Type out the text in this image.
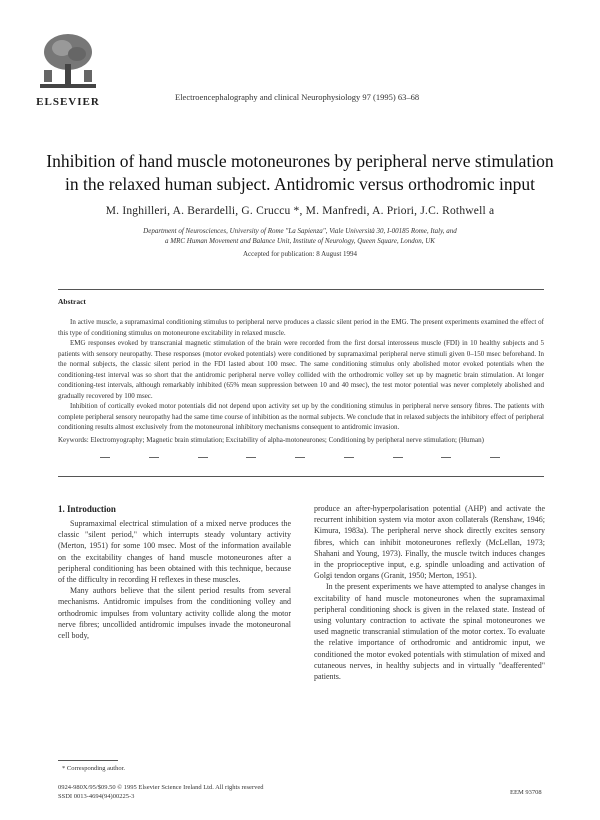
ELSEVIER	Electroencephalography and clinical Neurophysiology 97 (1995) 63–68
Inhibition of hand muscle motoneurones by peripheral nerve stimulation in the relaxed human subject. Antidromic versus orthodromic input
M. Inghilleri, A. Berardelli, G. Cruccu *, M. Manfredi, A. Priori, J.C. Rothwell a
Department of Neurosciences, University of Rome "La Sapienza", Viale Università 30, I-00185 Rome, Italy, and
a MRC Human Movement and Balance Unit, Institute of Neurology, Queen Square, London, UK
Accepted for publication: 8 August 1994
Abstract

In active muscle, a supramaximal conditioning stimulus to peripheral nerve produces a classic silent period in the EMG. The present experiments examined the effect of this type of conditioning stimulus on motoneurone excitability in relaxed muscle.

EMG responses evoked by transcranial magnetic stimulation of the brain were recorded from the first dorsal interosseus muscle (FDI) in 10 healthy subjects and 5 patients with sensory neuropathy. These responses (motor evoked potentials) were conditioned by supramaximal peripheral nerve stimuli given 0–150 msec beforehand. In the normal subjects, the classic silent period in the FDI lasted about 100 msec. The same conditioning stimulus only abolished motor evoked potentials when the conditioning-test interval was so short that the antidromic peripheral nerve volley collided with the orthodromic volley set up by magnetic brain stimulation. At longer conditioning-test intervals, although remarkably inhibited (65% mean suppression between 10 and 40 msec), the test motor potential was never completely abolished and gradually recovered by 100 msec.

Inhibition of cortically evoked motor potentials did not depend upon activity set up by the conditioning stimulus in peripheral nerve sensory fibres. The patients with complete peripheral sensory neuropathy had the same time course of inhibition as the normal subjects. We conclude that in relaxed subjects the inhibitory effect of peripheral conditioning results almost exclusively from the motoneuronal inhibitory mechanisms consequent to antidromic invasion.

Keywords: Electromyography; Magnetic brain stimulation; Excitability of alpha-motoneurones; Conditioning by peripheral nerve stimulation; (Human)
1. Introduction

Supramaximal electrical stimulation of a mixed nerve produces the classic "silent period," which interrupts steady voluntary activity (Merton, 1951) for some 100 msec. Most of the information available on the excitability changes of hand muscle motoneurones after a peripheral conditioning has been obtained with this technique, because of the difficulty in recording H reflexes in these muscles.

Many authors believe that the silent period results from several mechanisms. Antidromic impulses from the conditioning volley and orthodromic impulses from voluntary activity collide along the motor nerve fibres; uncollided antidromic impulses invade the motoneuronal cell body,

produce an after-hyperpolarisation potential (AHP) and activate the recurrent inhibition system via motor axon collaterals (Renshaw, 1946; Kimura, 1983a). The peripheral nerve shock directly excites sensory fibres, which can inhibit motoneurones reflexly (McLellan, 1973; Shahani and Young, 1973). Finally, the muscle twitch induces changes in the proprioceptive input, e.g. spindle unloading and activation of Golgi tendon organs (Granit, 1950; Merton, 1951).

In the present experiments we have attempted to analyse changes in excitability of hand muscle motoneurones when the supramaximal peripheral conditioning shock is given in the relaxed state. Instead of using voluntary contraction to activate the spinal motoneurones we used magnetic transcranial stimulation of the motor cortex. To evaluate the relative importance of orthodromic and antidromic input, we conditioned the motor evoked potentials with stimulation of mixed and cutaneous nerves, in healthy subjects and in virtually "deafferented" patients.

* Corresponding author.
0924-980X/95/$09.50 © 1995 Elsevier Science Ireland Ltd. All rights reserved
SSDI 0013-4694(94)00225-3
EEM 93708
